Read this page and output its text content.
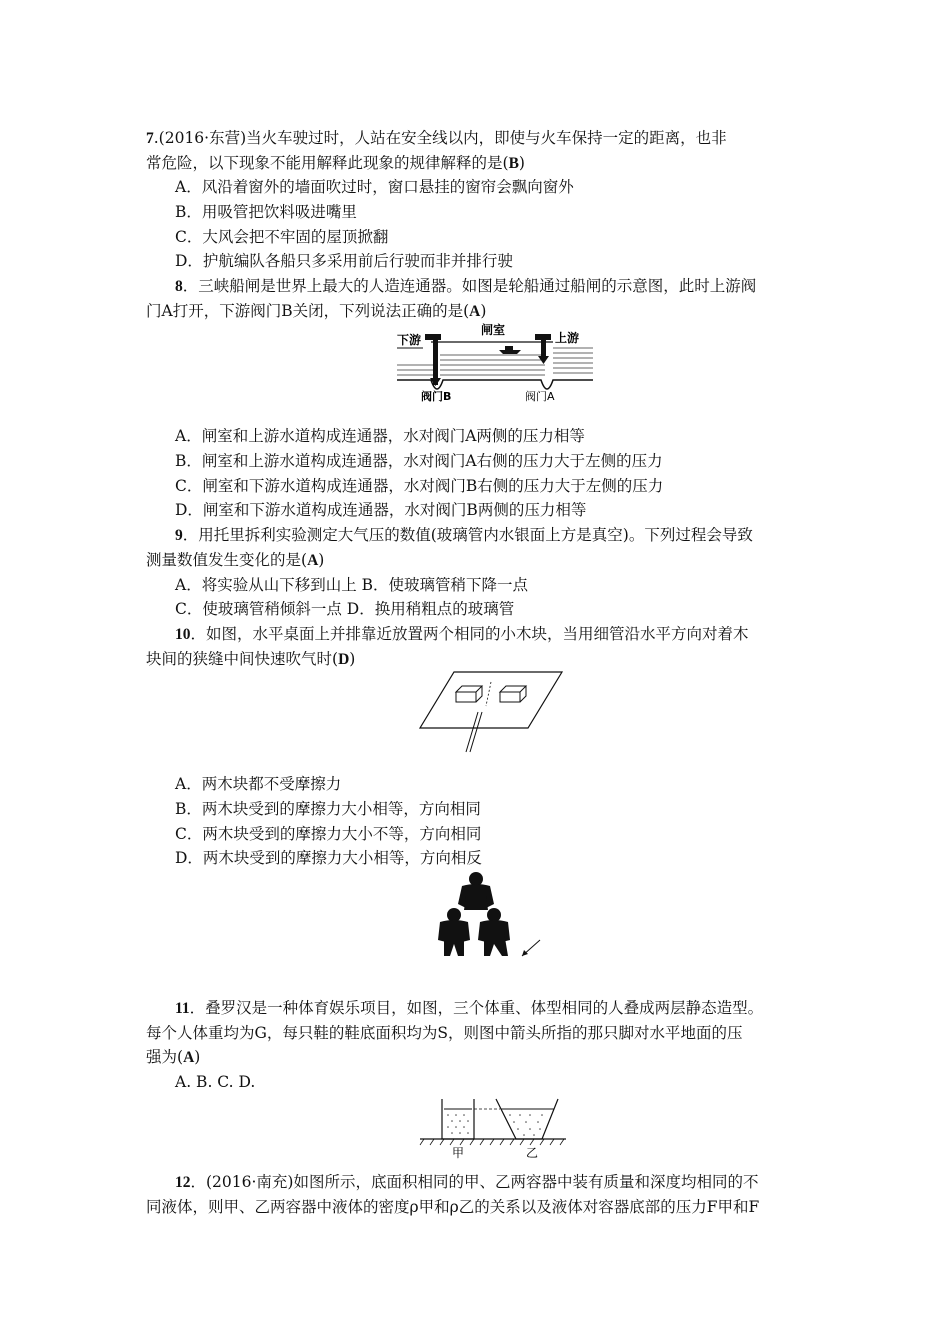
7.(2016·东营)当火车驶过时，人站在安全线以内，即使与火车保持一定的距离，也非
常危险，以下现象不能用解释此现象的规律解释的是(B)
A．风沿着窗外的墙面吹过时，窗口悬挂的窗帘会飘向窗外
B．用吸管把饮料吸进嘴里
C．大风会把不牢固的屋顶掀翻
D．护航编队各船只多采用前后行驶而非并排行驶
8．三峡船闸是世界上最大的人造连通器。如图是轮船通过船闸的示意图，此时上游阀
门A打开，下游阀门B关闭，下列说法正确的是(A)
下游
闸室
上游
阀门B	阀门A
A．闸室和上游水道构成连通器，水对阀门A两侧的压力相等
B．闸室和上游水道构成连通器，水对阀门A右侧的压力大于左侧的压力
C．闸室和下游水道构成连通器，水对阀门B右侧的压力大于左侧的压力
D．闸室和下游水道构成连通器，水对阀门B两侧的压力相等
9．用托里拆利实验测定大气压的数值(玻璃管内水银面上方是真空)。下列过程会导致
测量数值发生变化的是(A)
A．将实验从山下移到山上 B．使玻璃管稍下降一点
C．使玻璃管稍倾斜一点 D．换用稍粗点的玻璃管
10．如图，水平桌面上并排靠近放置两个相同的小木块，当用细管沿水平方向对着木
块间的狭缝中间快速吹气时(D)
A．两木块都不受摩擦力
B．两木块受到的摩擦力大小相等，方向相同
C．两木块受到的摩擦力大小不等，方向相同
D．两木块受到的摩擦力大小相等，方向相反
11．叠罗汉是一种体育娱乐项目，如图，三个体重、体型相同的人叠成两层静态造型。
每个人体重均为G，每只鞋的鞋底面积均为S，则图中箭头所指的那只脚对水平地面的压
强为(A)
A. B. C. D.
甲	乙
12．(2016·南充)如图所示，底面积相同的甲、乙两容器中装有质量和深度均相同的不
同液体，则甲、乙两容器中液体的密度ρ甲和ρ乙的关系以及液体对容器底部的压力F甲和F
